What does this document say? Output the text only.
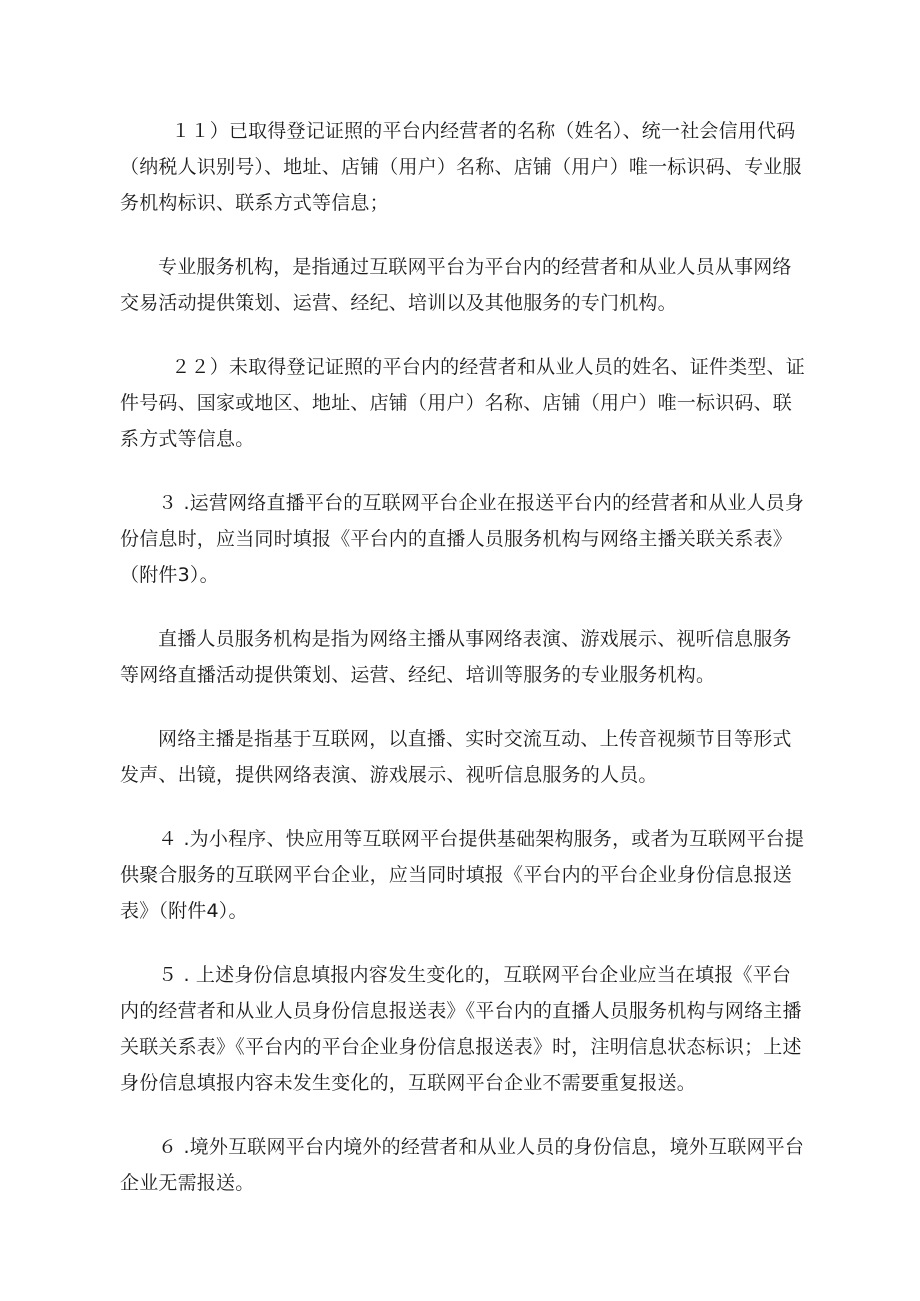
１１）已取得登记证照的平台内经营者的名称（姓名）、统一社会信用代码（纳税人识别号）、地址、店铺（用户）名称、店铺（用户）唯一标识码、专业服务机构标识、联系方式等信息；

专业服务机构，是指通过互联网平台为平台内的经营者和从业人员从事网络交易活动提供策划、运营、经纪、培训以及其他服务的专门机构。

２２）未取得登记证照的平台内的经营者和从业人员的姓名、证件类型、证件号码、国家或地区、地址、店铺（用户）名称、店铺（用户）唯一标识码、联系方式等信息。

３ .运营网络直播平台的互联网平台企业在报送平台内的经营者和从业人员身份信息时，应当同时填报《平台内的直播人员服务机构与网络主播关联关系表》（附件3）。

直播人员服务机构是指为网络主播从事网络表演、游戏展示、视听信息服务等网络直播活动提供策划、运营、经纪、培训等服务的专业服务机构。

网络主播是指基于互联网，以直播、实时交流互动、上传音视频节目等形式发声、出镜，提供网络表演、游戏展示、视听信息服务的人员。

４ .为小程序、快应用等互联网平台提供基础架构服务，或者为互联网平台提供聚合服务的互联网平台企业，应当同时填报《平台内的平台企业身份信息报送表》（附件4）。

５ . 上述身份信息填报内容发生变化的，互联网平台企业应当在填报《平台内的经营者和从业人员身份信息报送表》《平台内的直播人员服务机构与网络主播关联关系表》《平台内的平台企业身份信息报送表》时，注明信息状态标识；上述身份信息填报内容未发生变化的，互联网平台企业不需要重复报送。

６ .境外互联网平台内境外的经营者和从业人员的身份信息，境外互联网平台企业无需报送。
